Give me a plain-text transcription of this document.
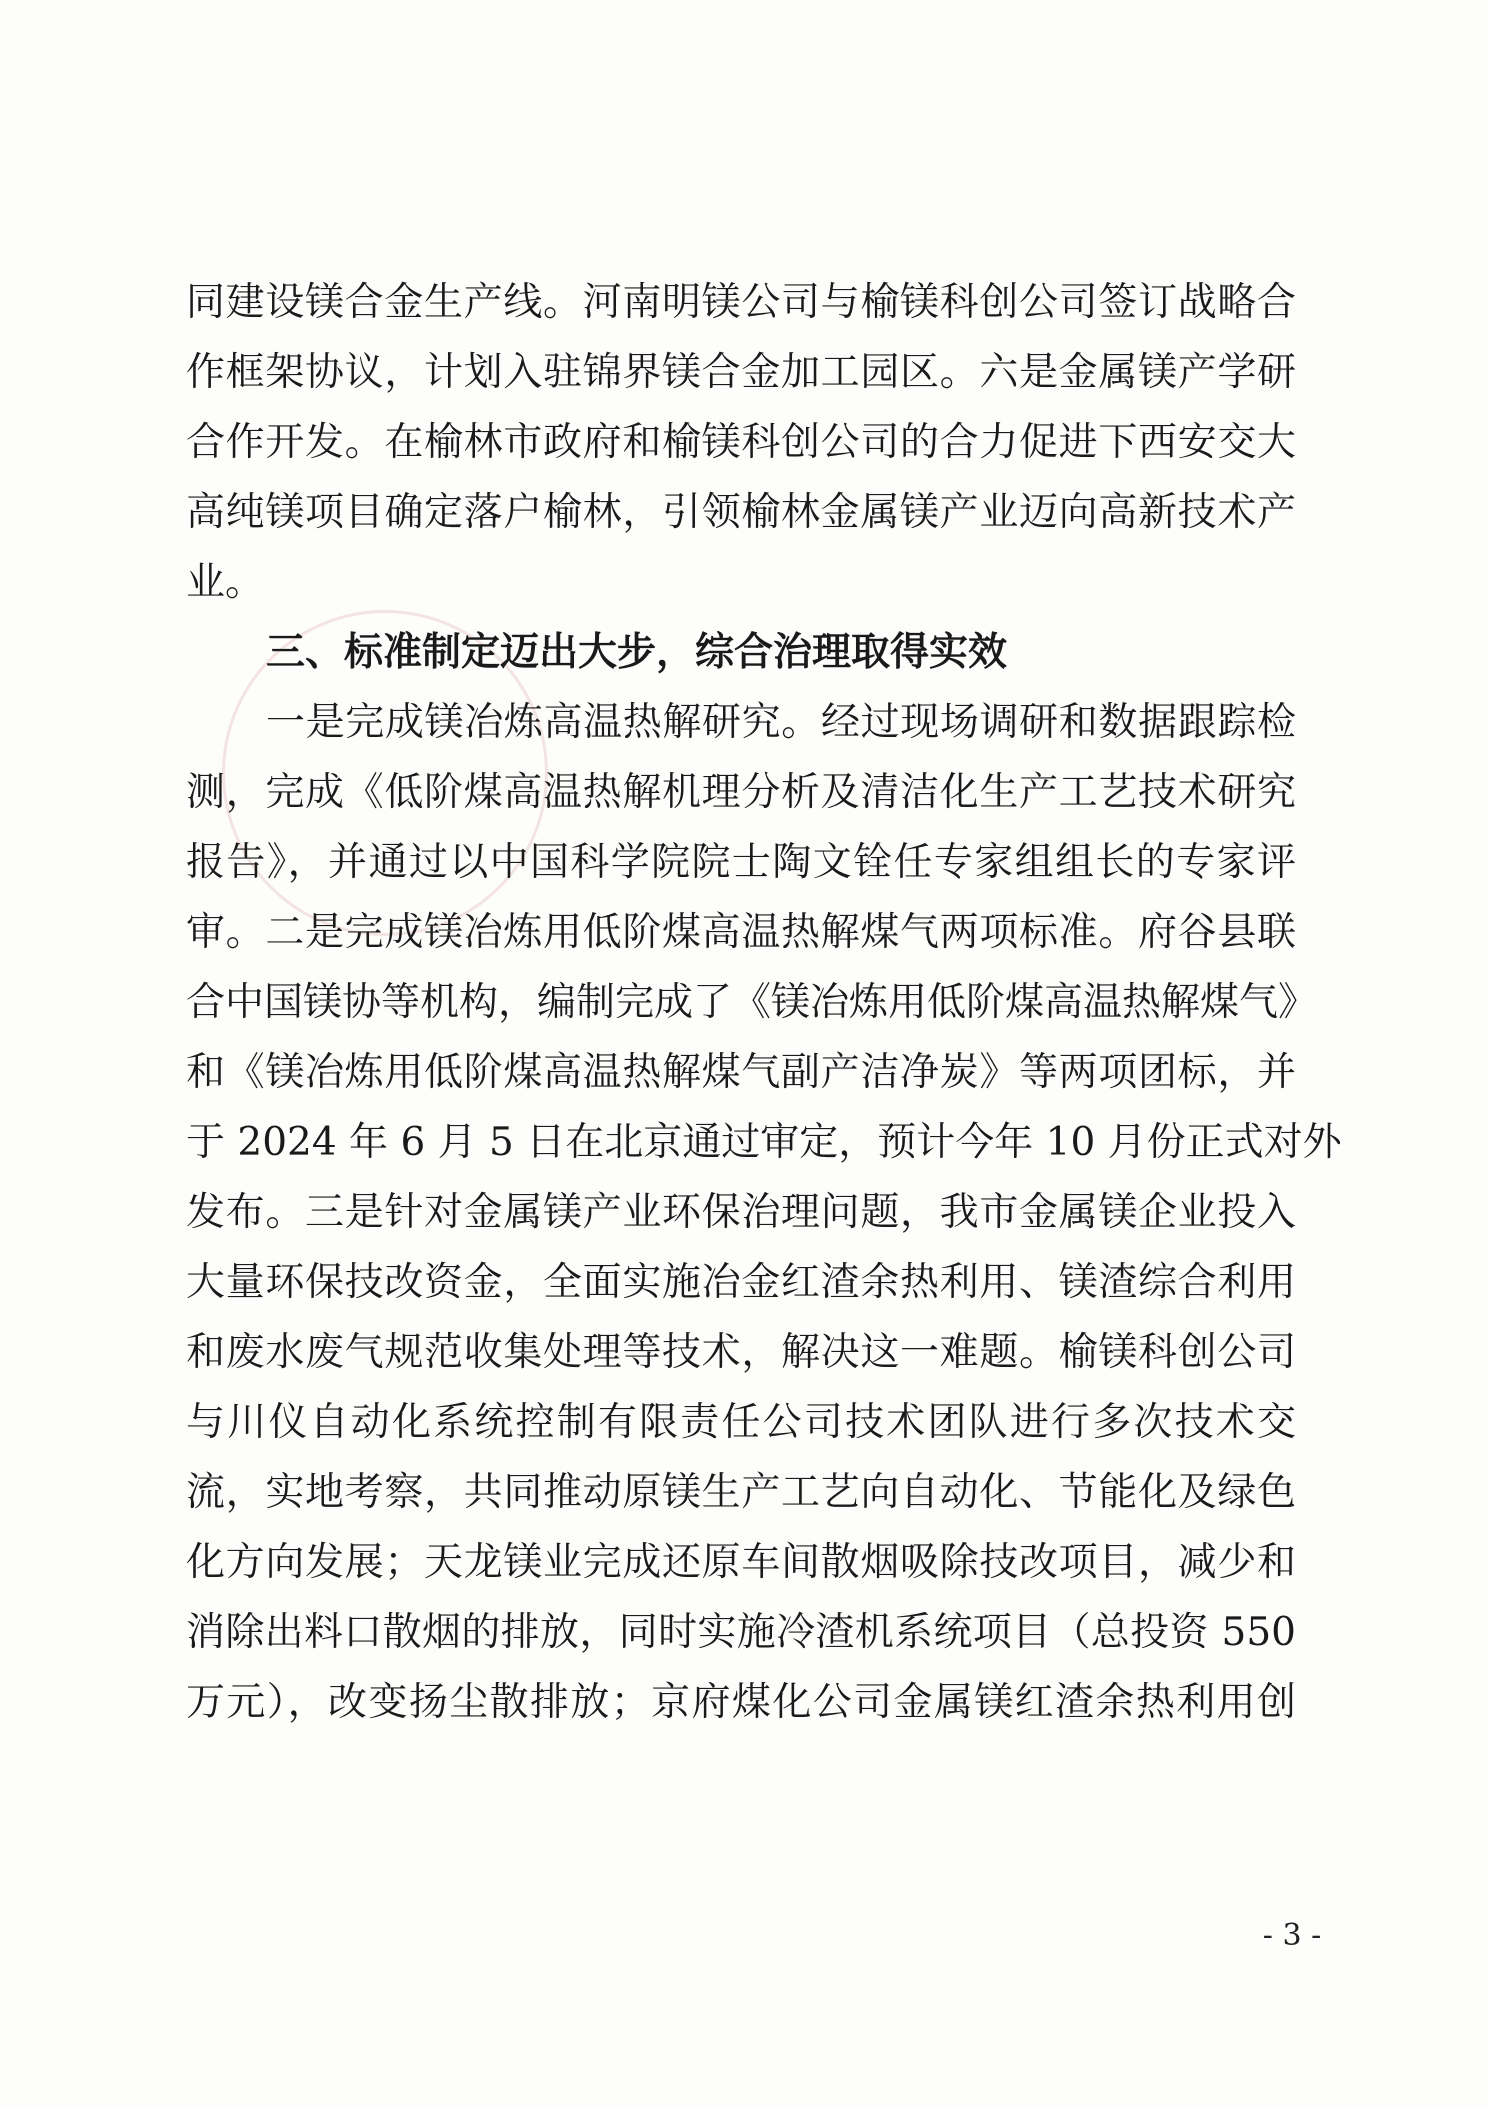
同建设镁合金生产线。河南明镁公司与榆镁科创公司签订战略合
作框架协议，计划入驻锦界镁合金加工园区。六是金属镁产学研
合作开发。在榆林市政府和榆镁科创公司的合力促进下西安交大
高纯镁项目确定落户榆林，引领榆林金属镁产业迈向高新技术产
业。
三、标准制定迈出大步，综合治理取得实效
一是完成镁冶炼高温热解研究。经过现场调研和数据跟踪检
测，完成《低阶煤高温热解机理分析及清洁化生产工艺技术研究
报告》，并通过以中国科学院院士陶文铨任专家组组长的专家评
审。二是完成镁冶炼用低阶煤高温热解煤气两项标准。府谷县联
合中国镁协等机构，编制完成了《镁冶炼用低阶煤高温热解煤气》
和《镁冶炼用低阶煤高温热解煤气副产洁净炭》等两项团标，并
于 2024 年 6 月 5 日在北京通过审定，预计今年 10 月份正式对外
发布。三是针对金属镁产业环保治理问题，我市金属镁企业投入
大量环保技改资金，全面实施冶金红渣余热利用、镁渣综合利用
和废水废气规范收集处理等技术，解决这一难题。榆镁科创公司
与川仪自动化系统控制有限责任公司技术团队进行多次技术交
流，实地考察，共同推动原镁生产工艺向自动化、节能化及绿色
化方向发展；天龙镁业完成还原车间散烟吸除技改项目，减少和
消除出料口散烟的排放，同时实施冷渣机系统项目（总投资 550
万元），改变扬尘散排放；京府煤化公司金属镁红渣余热利用创
- 3 -
